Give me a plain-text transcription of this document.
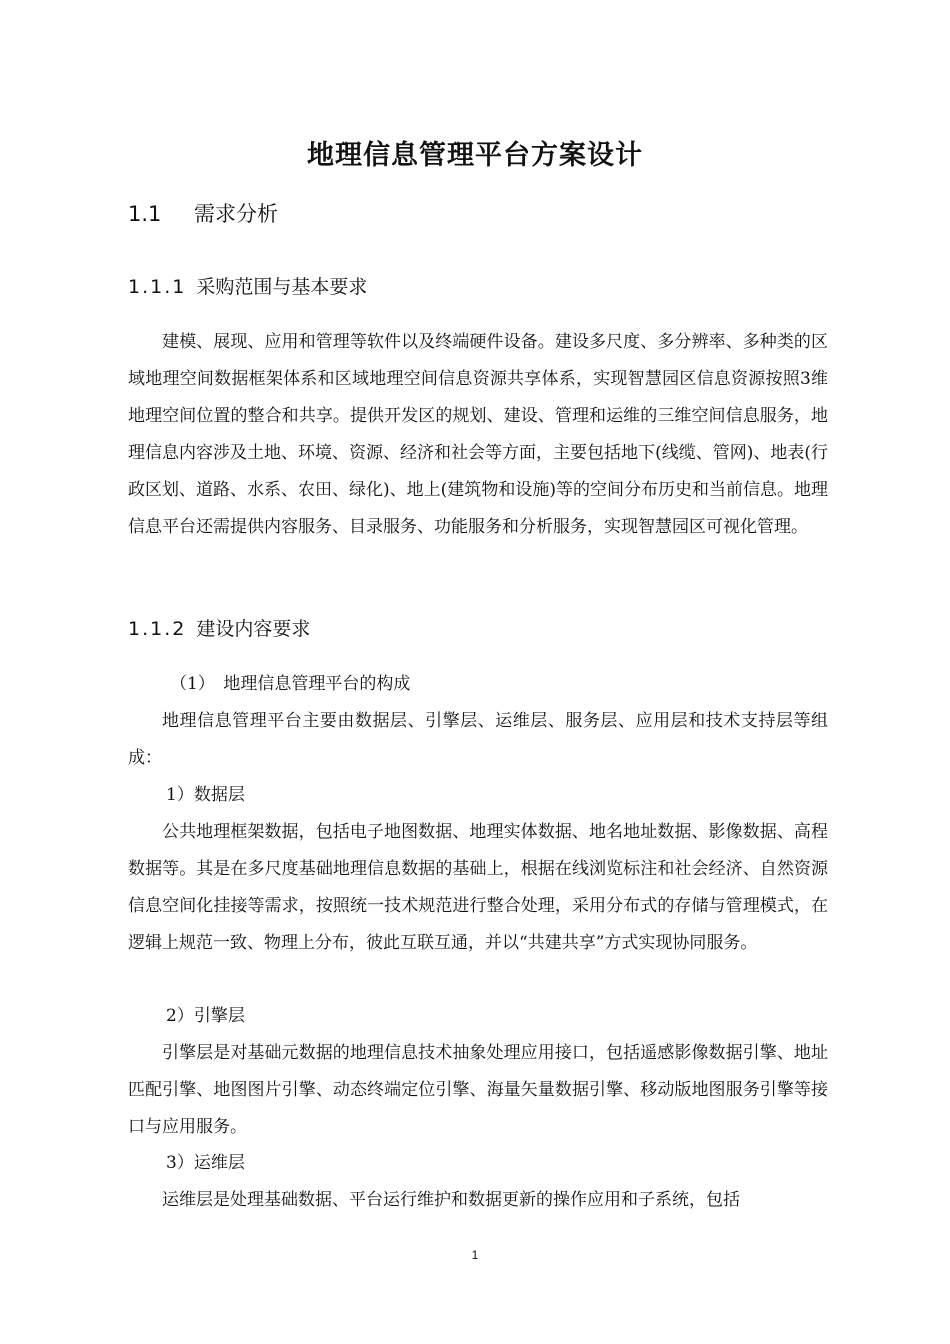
地理信息管理平台方案设计
1.1 需求分析
1.1.1 采购范围与基本要求
建模、展现、应用和管理等软件以及终端硬件设备。建设多尺度、多分辨率、多种类的区域地理空间数据框架体系和区域地理空间信息资源共享体系，实现智慧园区信息资源按照3维地理空间位置的整合和共享。提供开发区的规划、建设、管理和运维的三维空间信息服务，地理信息内容涉及土地、环境、资源、经济和社会等方面，主要包括地下(线缆、管网)、地表(行政区划、道路、水系、农田、绿化)、地上(建筑物和设施)等的空间分布历史和当前信息。地理信息平台还需提供内容服务、目录服务、功能服务和分析服务，实现智慧园区可视化管理。
1.1.2 建设内容要求
（1）　地理信息管理平台的构成
地理信息管理平台主要由数据层、引擎层、运维层、服务层、应用层和技术支持层等组成：
1）数据层
公共地理框架数据，包括电子地图数据、地理实体数据、地名地址数据、影像数据、高程数据等。其是在多尺度基础地理信息数据的基础上，根据在线浏览标注和社会经济、自然资源信息空间化挂接等需求，按照统一技术规范进行整合处理，采用分布式的存储与管理模式，在逻辑上规范一致、物理上分布，彼此互联互通，并以“共建共享”方式实现协同服务。
2）引擎层
引擎层是对基础元数据的地理信息技术抽象处理应用接口，包括遥感影像数据引擎、地址匹配引擎、地图图片引擎、动态终端定位引擎、海量矢量数据引擎、移动版地图服务引擎等接口与应用服务。
3）运维层
运维层是处理基础数据、平台运行维护和数据更新的操作应用和子系统，包括
1
